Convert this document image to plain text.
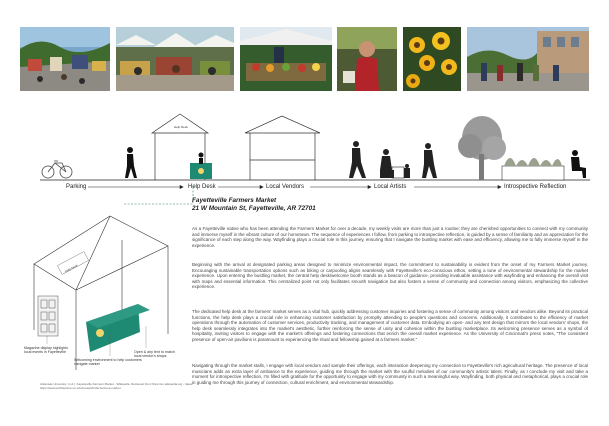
Help Desk
Help Desk
Parking	Help Desk	Local Vendors	Local Artists	Introspective Reflection
Fayetteville Farmers Market
21 W Mountain St, Fayetteville, AR 72701

As a Fayetteville native who has been attending the Farmers Market for over a decade, my weekly visits are more than just a routine; they are cherished opportunities to connect with my community and immerse myself in the vibrant culture of our hometown. The sequence of experiences I follow, from parking to introspective reflection, is guided by a sense of familiarity and an appreciation for the significance of each step along the way. Wayfinding plays a crucial role in this journey, ensuring that I navigate the bustling market with ease and efficiency, allowing me to fully immerse myself in the experience.

Beginning with the arrival at designated parking areas designed to minimize environmental impact, the commitment to sustainability is evident from the onset of my Farmers Market journey. Encouraging sustainable transportation options such as biking or carpooling aligns seamlessly with Fayetteville's eco-conscious ethos, setting a tone of environmental stewardship for the market experience. Upon entering the bustling market, the central help desk/welcome booth stands as a beacon of guidance, providing invaluable assistance with wayfinding and enhancing the overall visit with maps and essential information. This centralized point not only facilitates smooth navigation but also fosters a sense of community and connection among visitors, emphasizing the collective experience.

The dedicated help desk at the farmers' market serves as a vital hub, quickly addressing customer inquiries and fostering a sense of community among visitors and vendors alike. Beyond its practical functions, the help desk plays a crucial role in enhancing customer satisfaction by promptly attending to people's questions and concerns. Additionally, it contributes to the efficiency of market operations through the automation of customer services, productivity tracking, and management of customer data. Embodying an open- and airy tent design that mirrors the local vendors' shops, the help desk seamlessly integrates into the market's aesthetic, further reinforcing the sense of unity and cohesion within the bustling marketplace. Its welcoming presence serves as a symbol of hospitality, inviting visitors to engage with the market's offerings and fostering connections that enrich the overall market experience. As the University of Cincinnati's press notes, "The consistent presence of open-air pavilions is paramount to experiencing the ritual and fellowship gained at a farmers market."

Navigating through the market stalls, I engage with local vendors and sample their offerings, each interaction deepening my connection to Fayetteville's rich agricultural heritage. The presence of local musicians adds an extra layer of ambiance to the experience, guiding me through the market with the soulful melodies of our community's artistic talent. Finally, as I conclude my visit and take a moment for introspective reflection, I'm filled with gratitude for the opportunity to engage with my community in such a meaningful way. Wayfinding, both physical and metaphorical, plays a crucial role in guiding me through this journey of connection, cultural enrichment, and environmental stewardship.

Magazine display highlights local events in Fayetteville
Welcoming environment to help customers navigate market
Open & airy tent to match local vendor's shops
Arkansas University. (n.d.). Fayetteville Farmers Market - Wikipedia. Retrieved from https://en.wikipedia.org - Ideas: https://www.architecture.uc.edu/research/the-farmers-market
